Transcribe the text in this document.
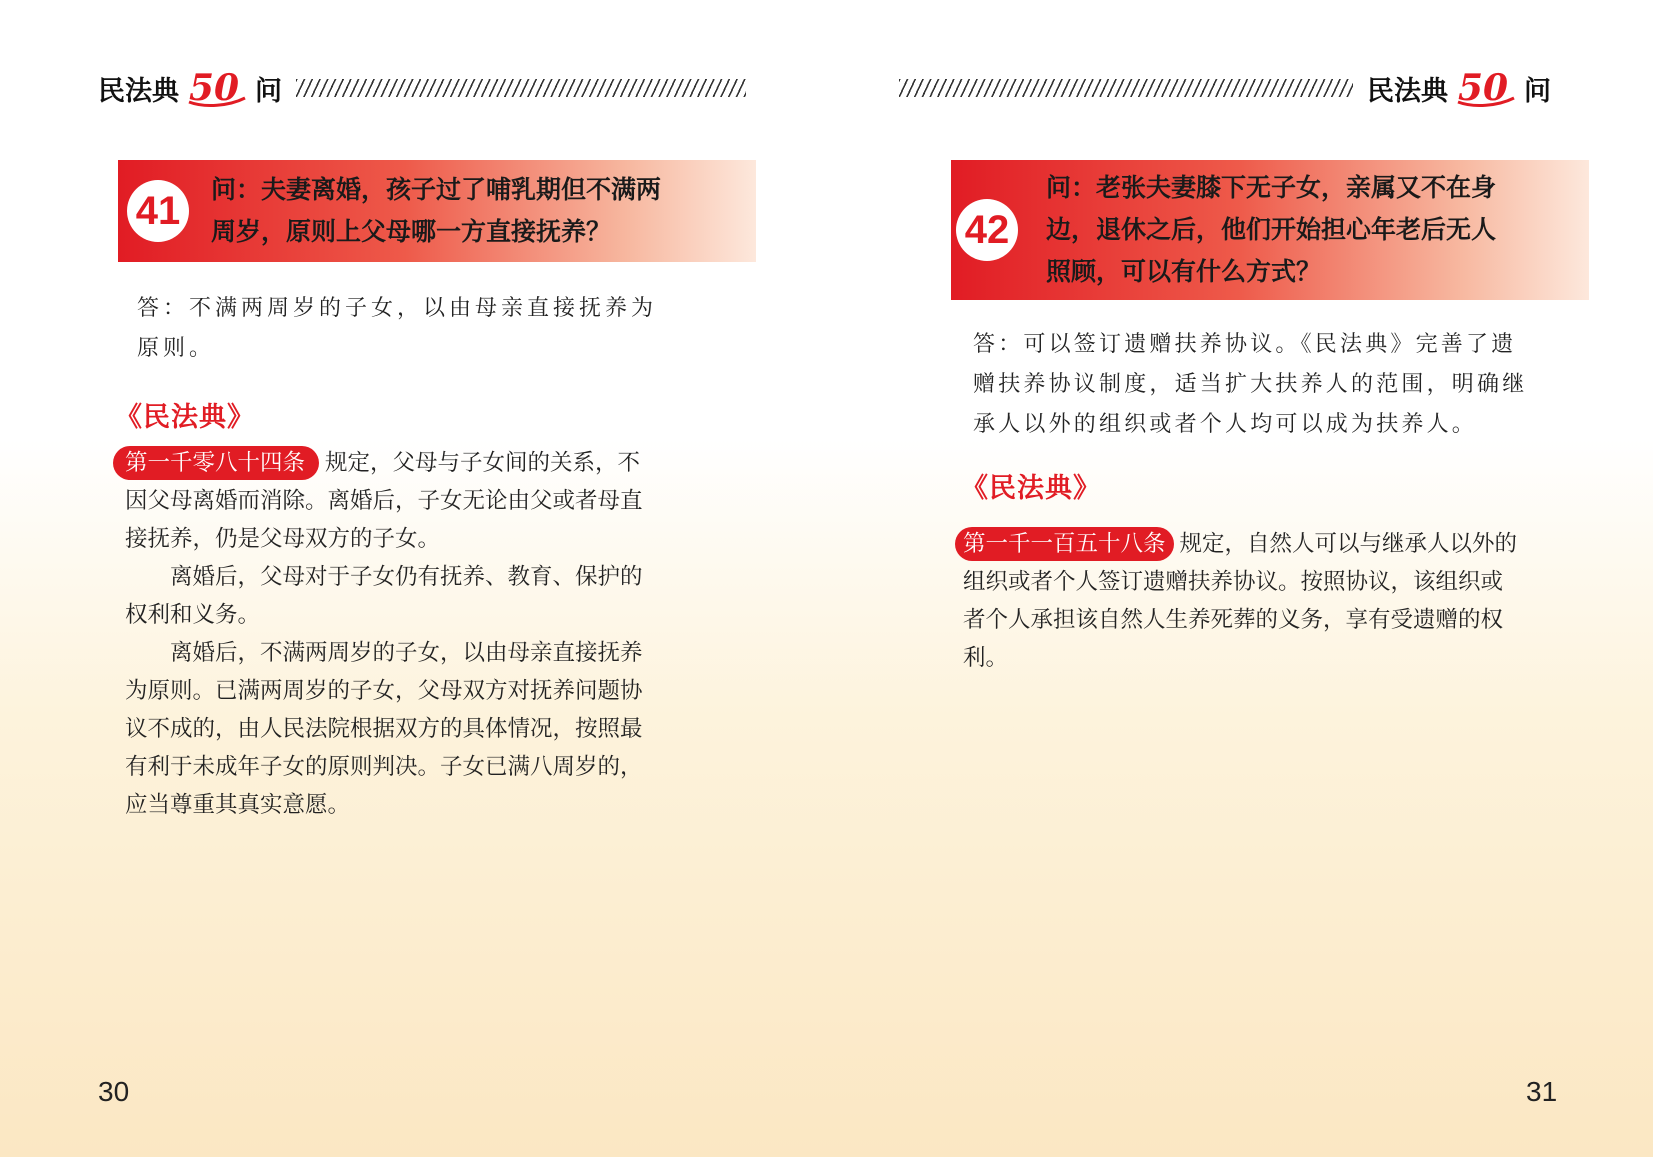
民法典 50 问
41	问：夫妻离婚，孩子过了哺乳期但不满两
周岁，原则上父母哪一方直接抚养？
答：不满两周岁的子女，以由母亲直接抚养为
原则。
《民法典》

第一千零八十四条 规定，父母与子女间的关系，不

因父母离婚而消除。离婚后，子女无论由父或者母直

接抚养，仍是父母双方的子女。

离婚后，父母对于子女仍有抚养、教育、保护的

权利和义务。

离婚后，不满两周岁的子女，以由母亲直接抚养

为原则。已满两周岁的子女，父母双方对抚养问题协

议不成的，由人民法院根据双方的具体情况，按照最

有利于未成年子女的原则判决。子女已满八周岁的，

应当尊重其真实意愿。

30
民法典 50 问
42
问：老张夫妻膝下无子女，亲属又不在身
边，退休之后，他们开始担心年老后无人
照顾，可以有什么方式？
答：可以签订遗赠扶养协议。《民法典》完善了遗
赠扶养协议制度，适当扩大扶养人的范围，明确继
承人以外的组织或者个人均可以成为扶养人。
《民法典》

第一千一百五十八条 规定，自然人可以与继承人以外的

组织或者个人签订遗赠扶养协议。按照协议，该组织或

者个人承担该自然人生养死葬的义务，享有受遗赠的权

利。

31
